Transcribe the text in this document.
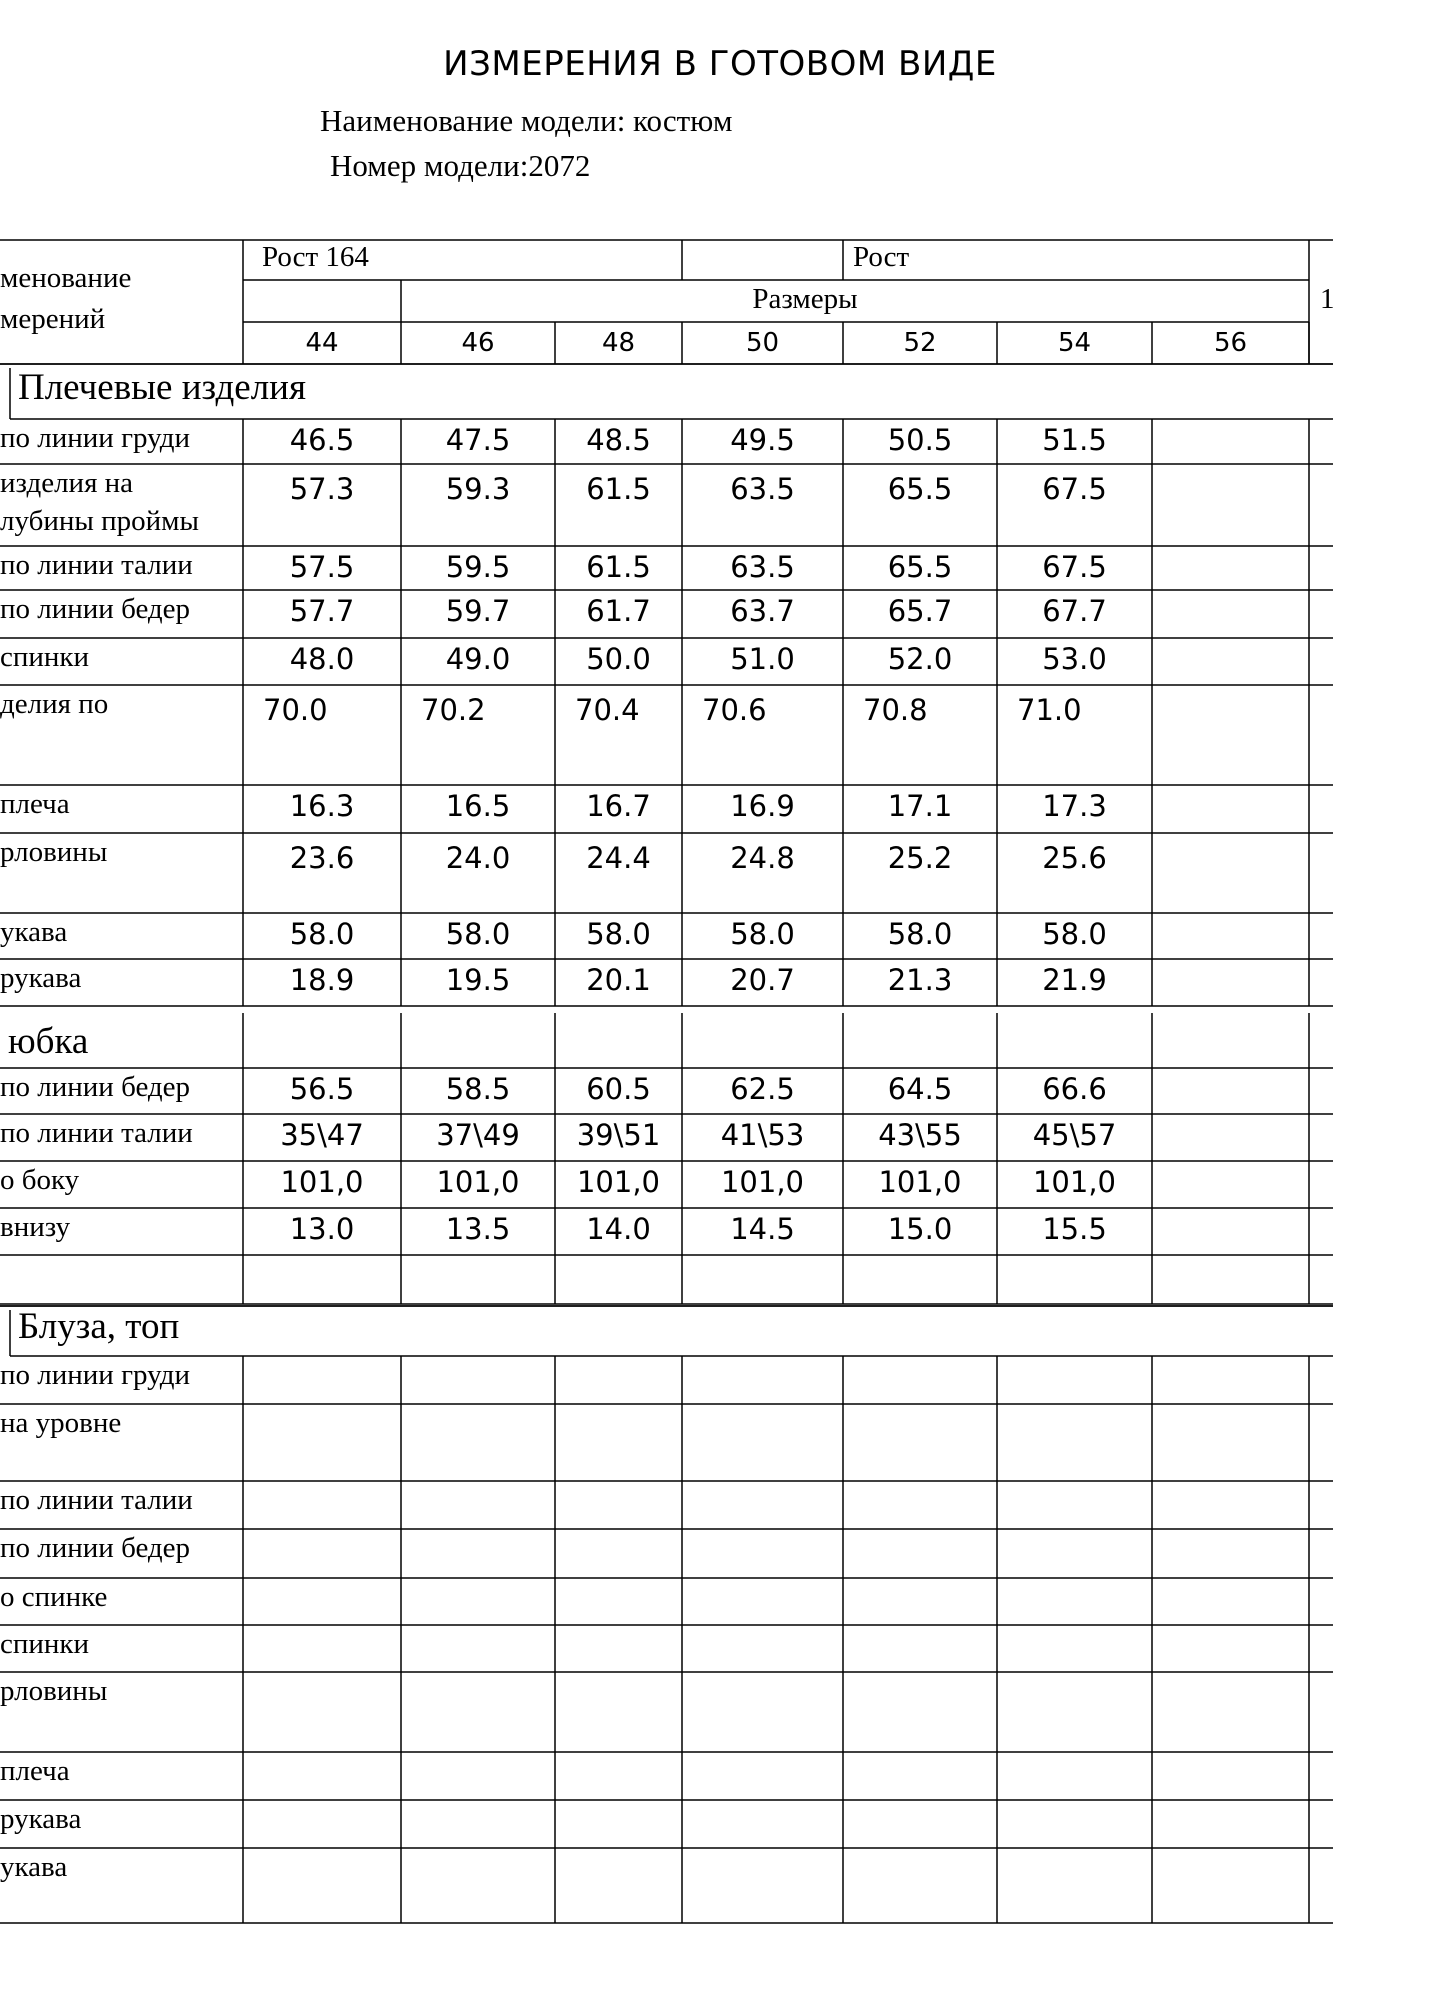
ИЗМЕРЕНИЯ В ГОТОВОМ ВИДЕ
Наименование модели: костюм
Номер модели:2072
менование
мерений
Рост 164	Рост
Размеры	1
44	46	48	50	52	54	56
Плечевые изделия
по линии груди	46.5	47.5	48.5	49.5	50.5	51.5
изделия на
лубины проймы
57.3	59.3	61.5	63.5	65.5	67.5
по линии талии	57.5	59.5	61.5	63.5	65.5	67.5
по линии бедер	57.7	59.7	61.7	63.7	65.7	67.7
спинки	48.0	49.0	50.0	51.0	52.0	53.0
делия по	70.0	70.2	70.4	70.6	70.8	71.0
плеча	16.3	16.5	16.7	16.9	17.1	17.3
рловины	23.6	24.0	24.4	24.8	25.2	25.6
укава	58.0	58.0	58.0	58.0	58.0	58.0
рукава	18.9	19.5	20.1	20.7	21.3	21.9
юбка
по линии бедер	56.5	58.5	60.5	62.5	64.5	66.6
по линии талии	35\47	37\49	39\51	41\53	43\55	45\57
о боку	101,0	101,0	101,0	101,0	101,0	101,0
внизу	13.0	13.5	14.0	14.5	15.0	15.5
Блуза, топ
по линии груди
на уровне
по линии талии
по линии бедер
о спинке
спинки
рловины
плеча
рукава
укава
